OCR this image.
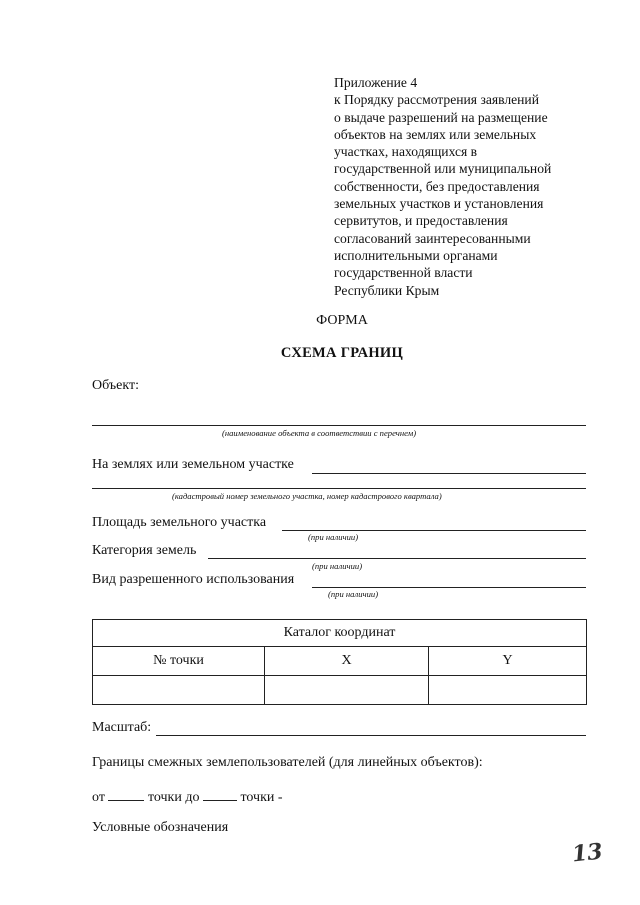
Приложение 4
к Порядку рассмотрения заявлений
о выдаче разрешений на размещение
объектов на землях или земельных
участках, находящихся в
государственной или муниципальной
собственности, без предоставления
земельных участков и установления
сервитутов, и предоставления
согласований заинтересованными
исполнительными органами
государственной власти
Республики Крым
ФОРМА
СХЕМА ГРАНИЦ
Объект:
(наименование объекта в соответствии с перечнем)
На землях или земельном участке
(кадастровый номер земельного участка, номер кадастрового квартала)
Площадь земельного участка
(при наличии)
Категория земель
(при наличии)
Вид разрешенного использования
(при наличии)
Каталог координат		
№ точки	X	Y

Масштаб:
Границы смежных землепользователей (для линейных объектов):
от	точки до	точки -
Условные обозначения
13
